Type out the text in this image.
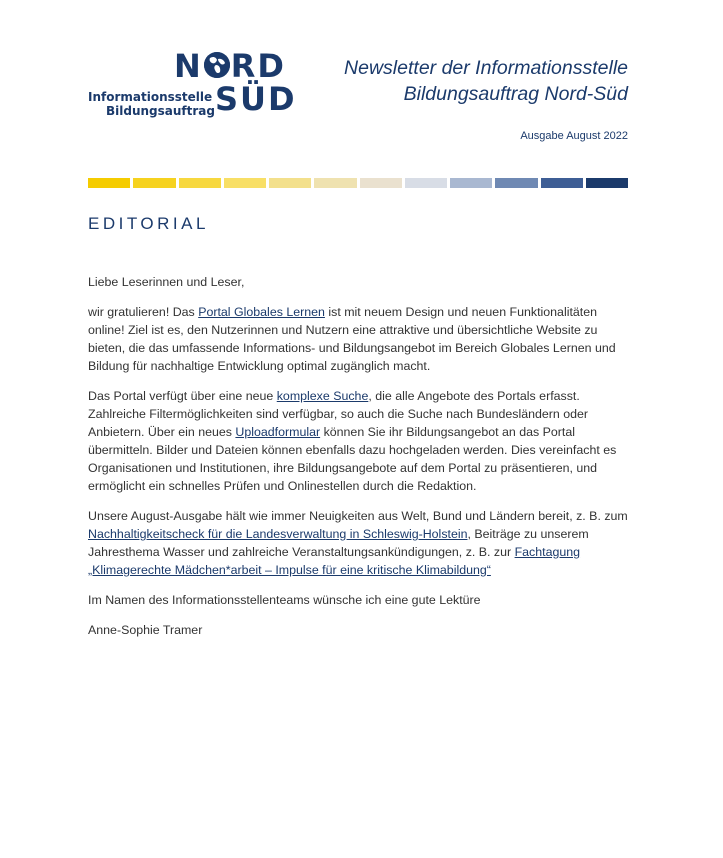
N RD
SÜD
Informationsstelle
Bildungsauftrag
Newsletter der Informationsstelle
Bildungsauftrag Nord-Süd
Ausgabe August 2022
EDITORIAL

Liebe Leserinnen und Leser,

wir gratulieren! Das Portal Globales Lernen ist mit neuem Design und neuen Funktionalitäten online! Ziel ist es, den Nutzerinnen und Nutzern eine attraktive und übersichtliche Website zu bieten, die das umfassende Informations- und Bildungsangebot im Bereich Globales Lernen und Bildung für nachhaltige Entwicklung optimal zugänglich macht.

Das Portal verfügt über eine neue komplexe Suche, die alle Angebote des Portals erfasst. Zahlreiche Filtermöglichkeiten sind verfügbar, so auch die Suche nach Bundesländern oder Anbietern. Über ein neues Uploadformular können Sie ihr Bildungsangebot an das Portal übermitteln. Bilder und Dateien können ebenfalls dazu hochgeladen werden. Dies vereinfacht es Organisationen und Institutionen, ihre Bildungsangebote auf dem Portal zu präsentieren, und ermöglicht ein schnelles Prüfen und Onlinestellen durch die Redaktion.

Unsere August-Ausgabe hält wie immer Neuigkeiten aus Welt, Bund und Ländern bereit, z. B. zum Nachhaltigkeitscheck für die Landesverwaltung in Schleswig-Holstein, Beiträge zu unserem Jahresthema Wasser und zahlreiche Veranstaltungsankündigungen, z. B. zur Fachtagung „Klimagerechte Mädchen*arbeit – Impulse für eine kritische Klimabildung“

Im Namen des Informationsstellenteams wünsche ich eine gute Lektüre

Anne-Sophie Tramer
